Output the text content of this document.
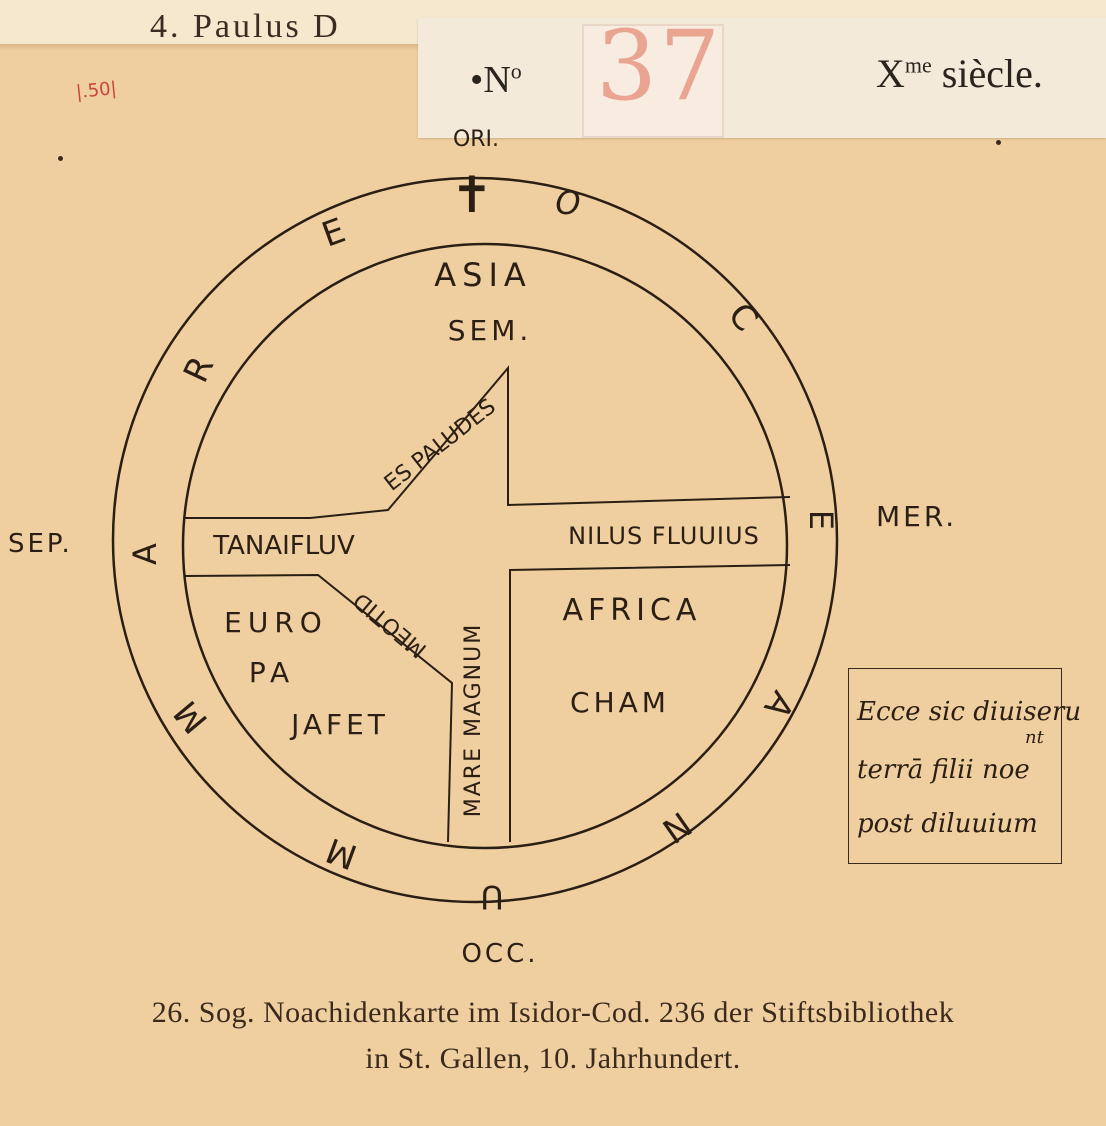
4. Paulus D	37
$•N^o$	$X^{me}$ siècle.
|.50|
ORI.
MER.
SEP.
OCC.
✝
E
O
C
E
A
N
U
M
M
A
R
ASIA
SEM.
AFRICA
CHAM
EURO
PA
JAFET
TANAIFLUV	NILUS FLUUIUS
ES PALUDES
MEOTID MARE MAGNUM	Ecce sic diuiseru
nt
terrā filii noe
post diluuium
26. Sog. Noachidenkarte im Isidor-Cod. 236 der Stiftsbibliothek
in St. Gallen, 10. Jahrhundert.
